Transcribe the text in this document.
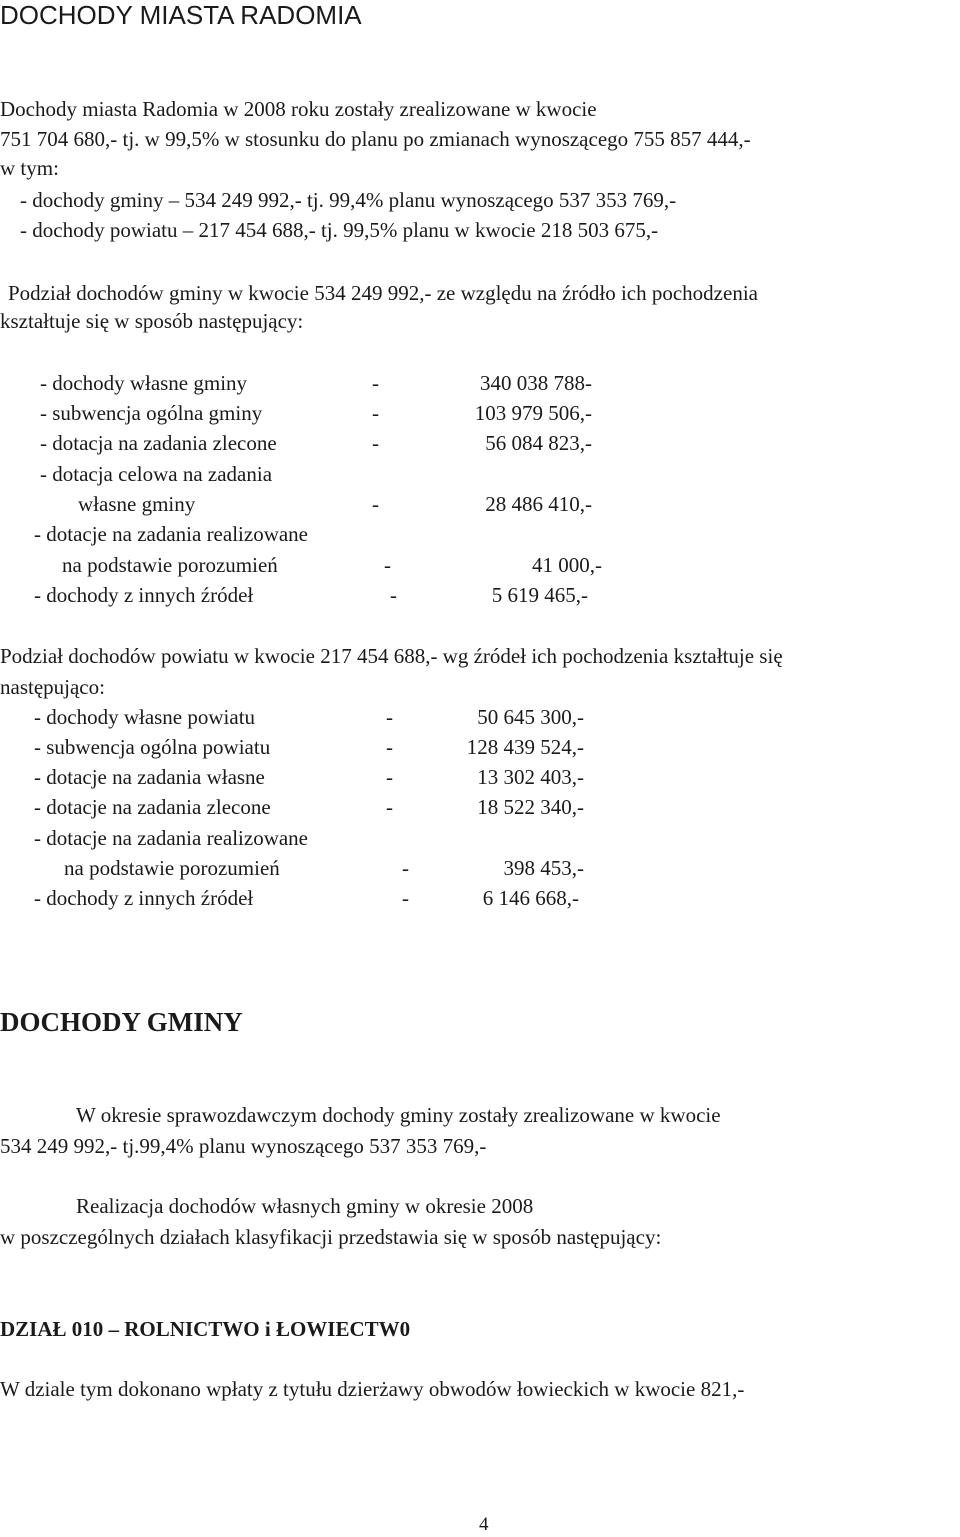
DOCHODY MIASTA RADOMIA
Dochody miasta Radomia w 2008 roku zostały zrealizowane w kwocie
751 704 680,- tj. w 99,5% w stosunku do planu po zmianach wynoszącego 755 857 444,-
w tym:
- dochody gminy – 534 249 992,- tj. 99,4% planu wynoszącego 537 353 769,-
- dochody powiatu – 217 454 688,- tj. 99,5% planu w kwocie 218 503 675,-
Podział dochodów gminy w kwocie 534 249 992,- ze względu na źródło ich pochodzenia
kształtuje się w sposób następujący:
- dochody własne gminy	-	340 038 788-
- subwencja ogólna gminy	-	103 979 506,-
- dotacja na zadania zlecone	-	56 084 823,-
- dotacja celowa na zadania
własne gminy	-	28 486 410,-
- dotacje na zadania realizowane
na podstawie porozumień	-	41 000,-
- dochody z innych źródeł	-	5 619 465,-
Podział dochodów powiatu w kwocie 217 454 688,- wg źródeł ich pochodzenia kształtuje się
następująco:
- dochody własne powiatu	-	50 645 300,-
- subwencja ogólna powiatu	-	128 439 524,-
- dotacje na zadania własne	-	13 302 403,-
- dotacje na zadania zlecone	-	18 522 340,-
- dotacje na zadania realizowane
na podstawie porozumień	-	398 453,-
- dochody z innych źródeł	-	6 146 668,-
DOCHODY GMINY
W okresie sprawozdawczym dochody gminy zostały zrealizowane w kwocie
534 249 992,- tj.99,4% planu wynoszącego 537 353 769,-
Realizacja dochodów własnych gminy w okresie 2008
w poszczególnych działach klasyfikacji przedstawia się w sposób następujący:
DZIAŁ 010 – ROLNICTWO i ŁOWIECTW0
W dziale tym dokonano wpłaty z tytułu dzierżawy obwodów łowieckich w kwocie 821,-
4
